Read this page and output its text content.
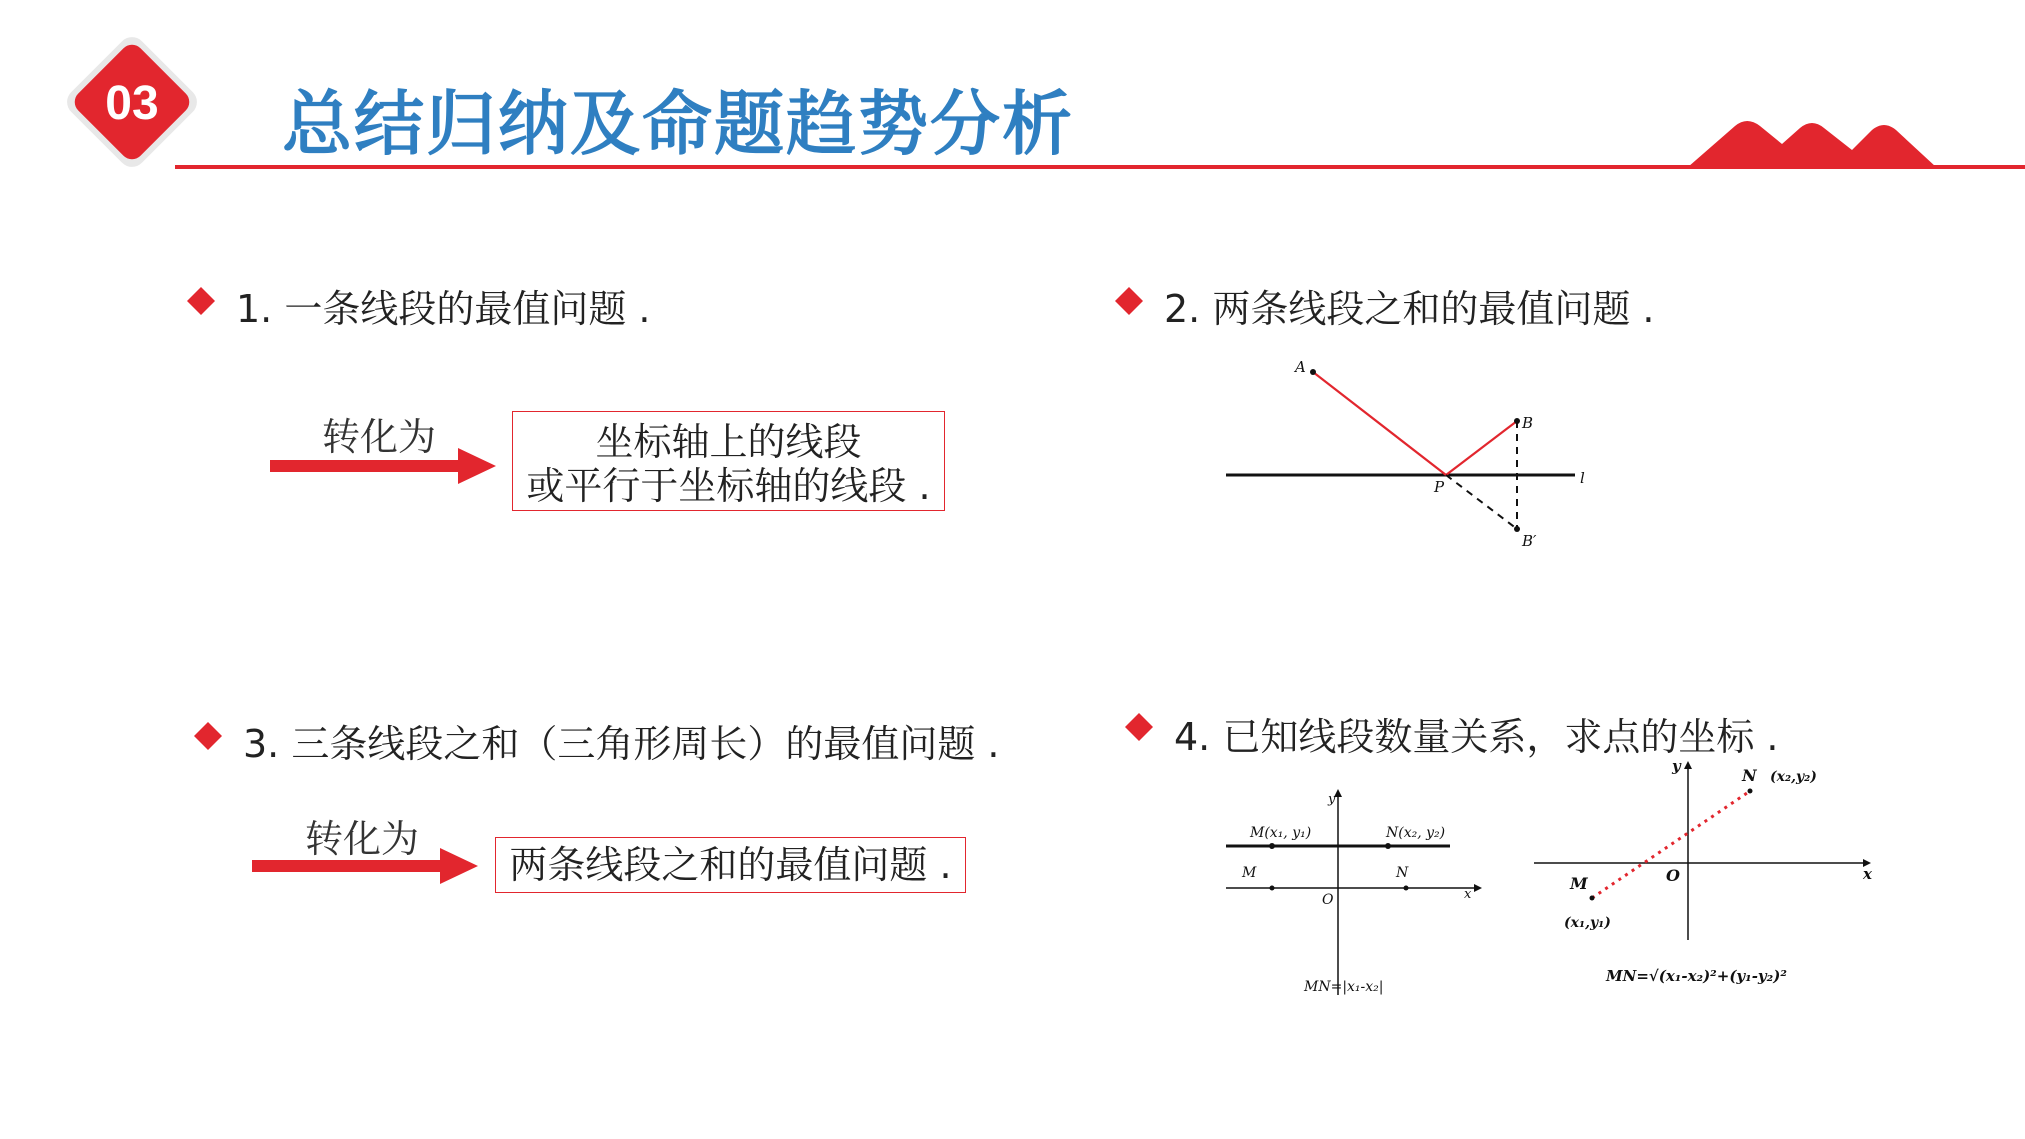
03 总结归纳及命题趋势分析
1. 一条线段的最值问题 .
转化为	坐标轴上的线段
或平行于坐标轴的线段 .
2. 两条线段之和的最值问题 .
A
B
P	l
B′
3. 三条线段之和（三角形周长）的最值问题 .
转化为
两条线段之和的最值问题 .
4. 已知线段数量关系，求点的坐标 .
y
x
O
M(x₁, y₁)	N(x₂, y₂)
M	N
MN=|x₁-x₂|
y
x
O
N (x₂,y₂)
M
(x₁,y₁)
MN=√(x₁-x₂)²+(y₁-y₂)²
